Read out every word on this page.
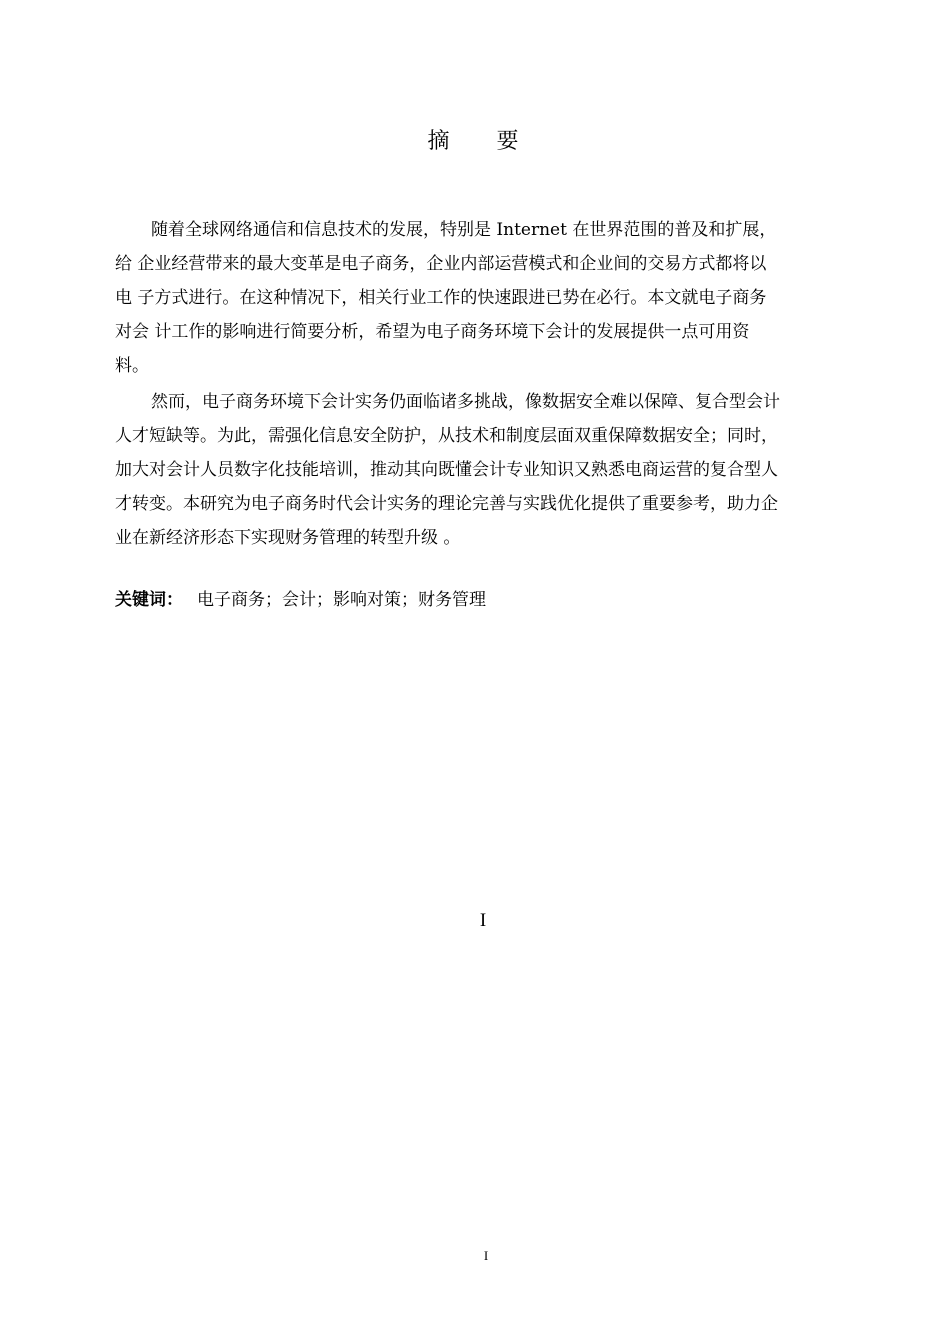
摘 要
随着全球网络通信和信息技术的发展，特别是 Internet 在世界范围的普及和扩展，
给 企业经营带来的最大变革是电子商务，企业内部运营模式和企业间的交易方式都将以
电 子方式进行。在这种情况下，相关行业工作的快速跟进已势在必行。本文就电子商务
对会 计工作的影响进行简要分析，希望为电子商务环境下会计的发展提供一点可用资
料。
然而，电子商务环境下会计实务仍面临诸多挑战，像数据安全难以保障、复合型会计
人才短缺等。为此，需强化信息安全防护，从技术和制度层面双重保障数据安全；同时，
加大对会计人员数字化技能培训，推动其向既懂会计专业知识又熟悉电商运营的复合型人
才转变。本研究为电子商务时代会计实务的理论完善与实践优化提供了重要参考，助力企
业在新经济形态下实现财务管理的转型升级 。
关键词： 电子商务；会计；影响对策；财务管理
I
I
